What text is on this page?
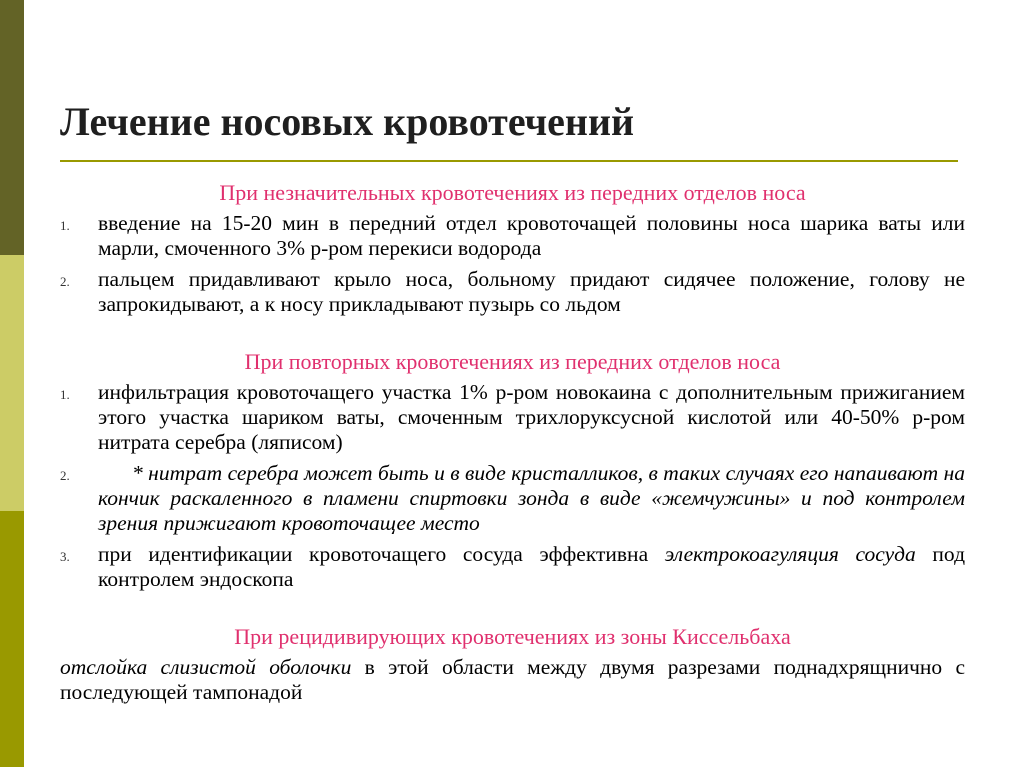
Лечение носовых кровотечений
При незначительных кровотечениях из передних отделов носа
1.	введение на 15-20 мин в передний отдел кровоточащей половины носа шарика ваты или марли, смоченного 3% р-ром перекиси водорода
2.	пальцем придавливают крыло носа, больному придают сидячее положение, голову не запрокидывают, а к носу прикладывают пузырь со льдом
При повторных кровотечениях из передних отделов носа
1.	инфильтрация кровоточащего участка 1% р-ром новокаина с дополнительным прижиганием этого участка шариком ваты, смоченным трихлоруксусной кислотой или 40-50% р-ром нитрата серебра (ляписом)
2.	* нитрат серебра может быть и в виде кристалликов, в таких случаях его напаивают на кончик раскаленного в пламени спиртовки зонда в виде «жемчужины» и под контролем зрения прижигают кровоточащее место
3.	при идентификации кровоточащего сосуда эффективна электрокоагуляция сосуда под контролем эндоскопа
При рецидивирующих кровотечениях из зоны Киссельбаха
отслойка слизистой оболочки в этой области между двумя разрезами поднадхрящнично с последующей тампонадой
